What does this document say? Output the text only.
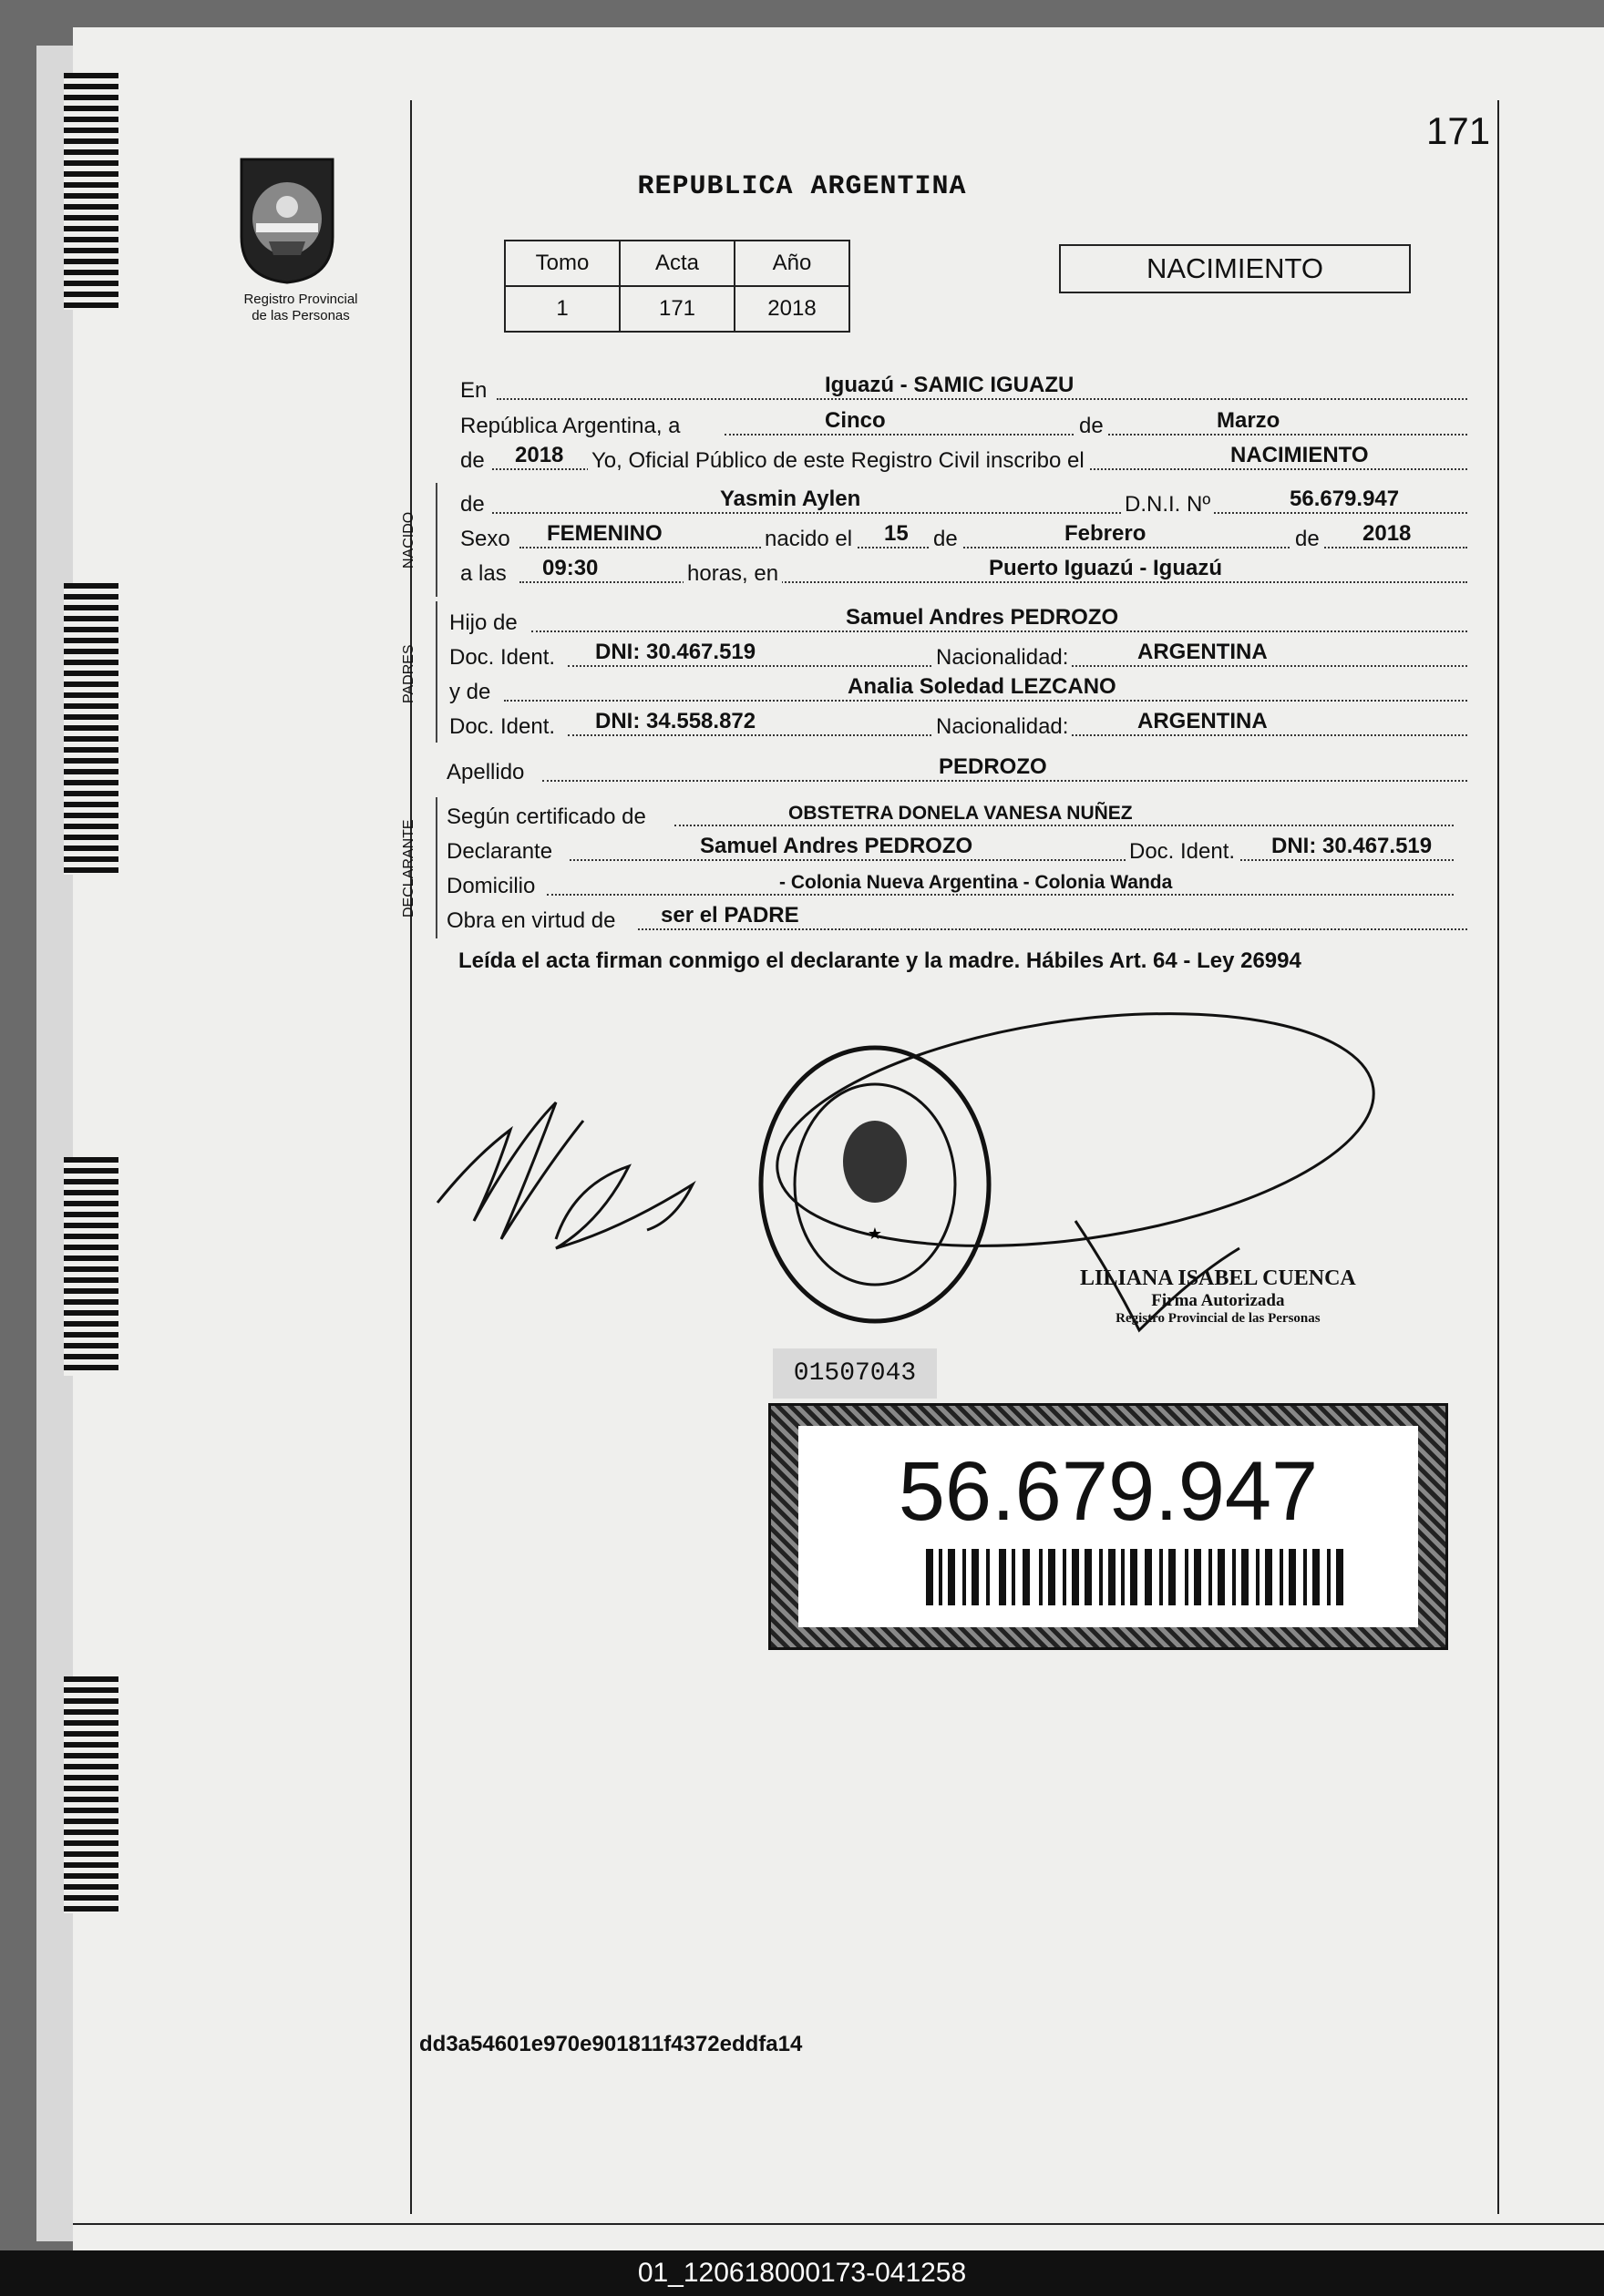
171
REPUBLICA ARGENTINA
Registro Provincial
de las Personas
Tomo	Acta	Año
1	171	2018
NACIMIENTO
En	Iguazú - SAMIC IGUAZU
República Argentina, a	Cinco	de	Marzo
de 2018 Yo, Oficial Público de este Registro Civil inscribo el	NACIMIENTO
NACIDO
de	Yasmin Aylen	D.N.I. Nº	56.679.947
Sexo FEMENINO	nacido el 15 de	Febrero	de 2018
a las 09:30	horas, en	Puerto Iguazú - Iguazú
PADRES
Hijo de	Samuel Andres PEDROZO
Doc. Ident. DNI: 30.467.519	Nacionalidad:	ARGENTINA
y de	Analia Soledad LEZCANO
Doc. Ident. DNI: 34.558.872	Nacionalidad:	ARGENTINA
Apellido	PEDROZO
DECLARANTE
Según certificado de	OBSTETRA DONELA VANESA NUÑEZ
Declarante	Samuel Andres PEDROZO	Doc. Ident. DNI: 30.467.519
Domicilio	- Colonia Nueva Argentina - Colonia Wanda
Obra en virtud de ser el PADRE
Leída el acta firman conmigo el declarante y la madre. Hábiles Art. 64 - Ley 26994
★
LILIANA ISABEL CUENCA
Firma Autorizada
Registro Provincial de las Personas
01507043
56.679.947
dd3a54601e970e901811f4372eddfa14
01_120618000173-041258
